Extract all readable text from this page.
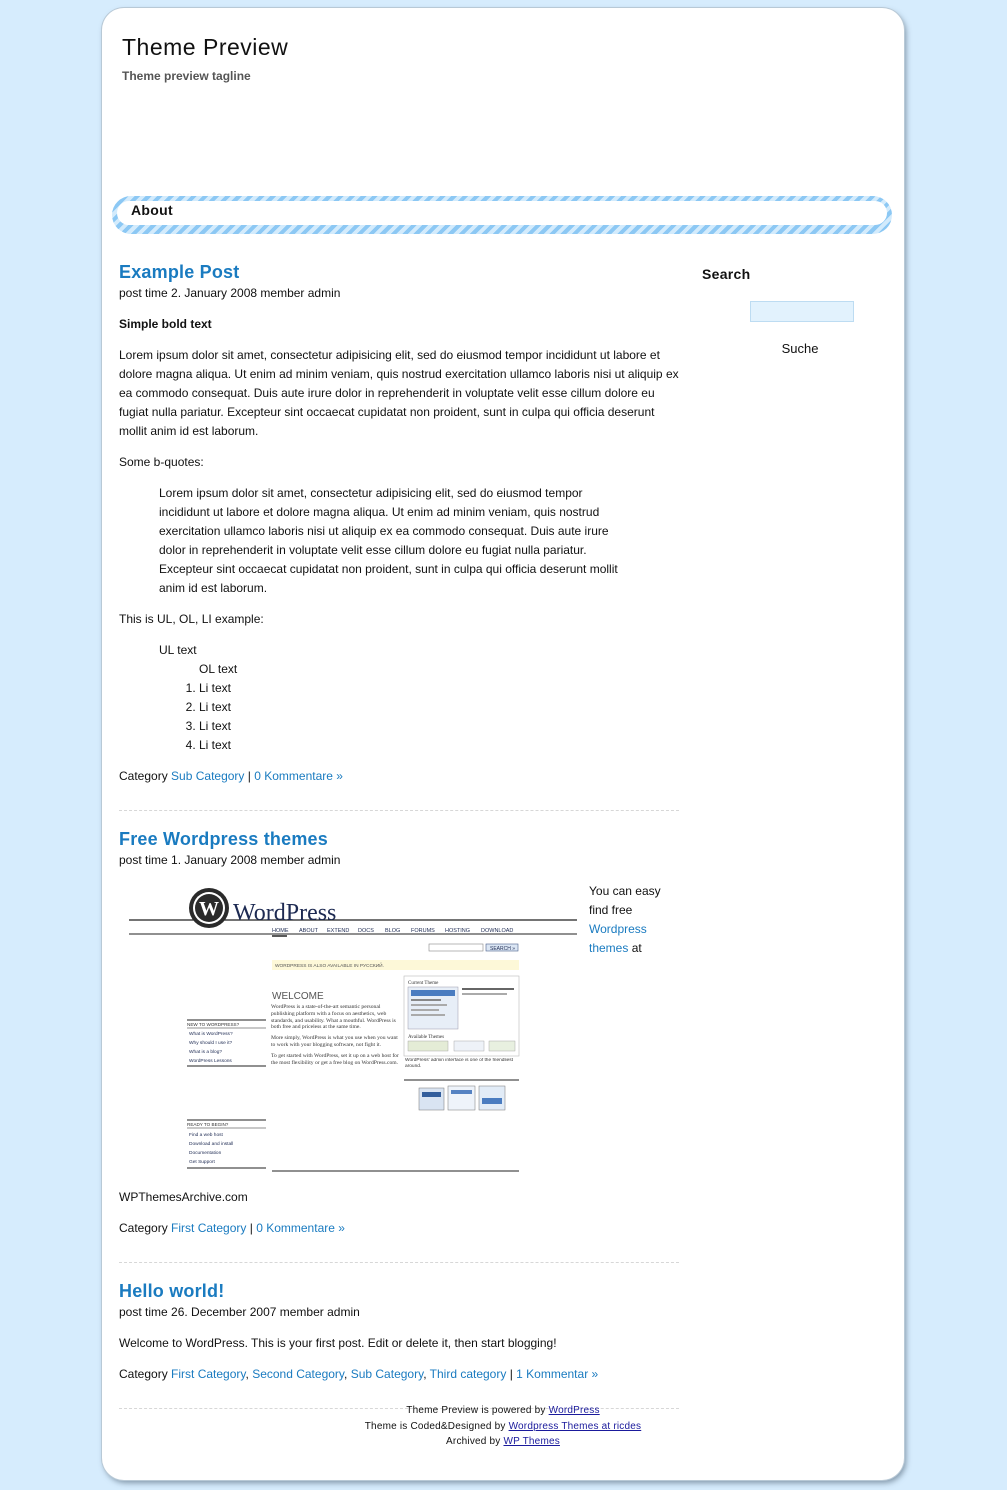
Theme Preview
Theme preview tagline
About
Example Post

post time 2. January 2008 member admin

Simple bold text

Lorem ipsum dolor sit amet, consectetur adipisicing elit, sed do eiusmod tempor incididunt ut labore et dolore magna aliqua. Ut enim ad minim veniam, quis nostrud exercitation ullamco laboris nisi ut aliquip ex ea commodo consequat. Duis aute irure dolor in reprehenderit in voluptate velit esse cillum dolore eu fugiat nulla pariatur. Excepteur sint occaecat cupidatat non proident, sunt in culpa qui officia deserunt mollit anim id est laborum.

Some b-quotes:

Lorem ipsum dolor sit amet, consectetur adipisicing elit, sed do eiusmod tempor incididunt ut labore et dolore magna aliqua. Ut enim ad minim veniam, quis nostrud exercitation ullamco laboris nisi ut aliquip ex ea commodo consequat. Duis aute irure dolor in reprehenderit in voluptate velit esse cillum dolore eu fugiat nulla pariatur. Excepteur sint occaecat cupidatat non proident, sunt in culpa qui officia deserunt mollit anim id est laborum.

This is UL, OL, LI example:

UL text
OL text
1. Li text
2. Li text
3. Li text
4. Li text

Category Sub Category | 0 Kommentare »

Free Wordpress themes

post time 1. January 2008 member admin

W WordPress
HOME ABOUT EXTEND DOCS BLOG FORUMS HOSTING DOWNLOAD
SEARCH »
WORDPRESS IS ALSO AVAILABLE IN РУССКИЙ.
WELCOME
WordPress is a state-of-the-art semantic personal publishing platform with a focus on aesthetics, web standards, and usability. What a mouthful. WordPress is both free and priceless at the same time.
More simply, WordPress is what you use when you want to work with your blogging software, not fight it.
To get started with WordPress, set it up on a web host for the most flexibility or get a free blog on WordPress.com.
NEW TO WORDPRESS?
What is WordPress?
Why should I use it?
What is a blog?
WordPress Lessons
READY TO BEGIN?
Find a web host
Download and install
Documentation
Get Support
Current Theme
Available Themes
WordPress' admin interface is one of the friendliest around.
You can easy find free Wordpress themes at

WPThemesArchive.com

Category First Category | 0 Kommentare »

Hello world!

post time 26. December 2007 member admin

Welcome to WordPress. This is your first post. Edit or delete it, then start blogging!

Category First Category, Second Category, Sub Category, Third category | 1 Kommentar »

Search
Suche
Theme Preview is powered by WordPress
Theme is Coded&Designed by Wordpress Themes at ricdes
Archived by WP Themes
